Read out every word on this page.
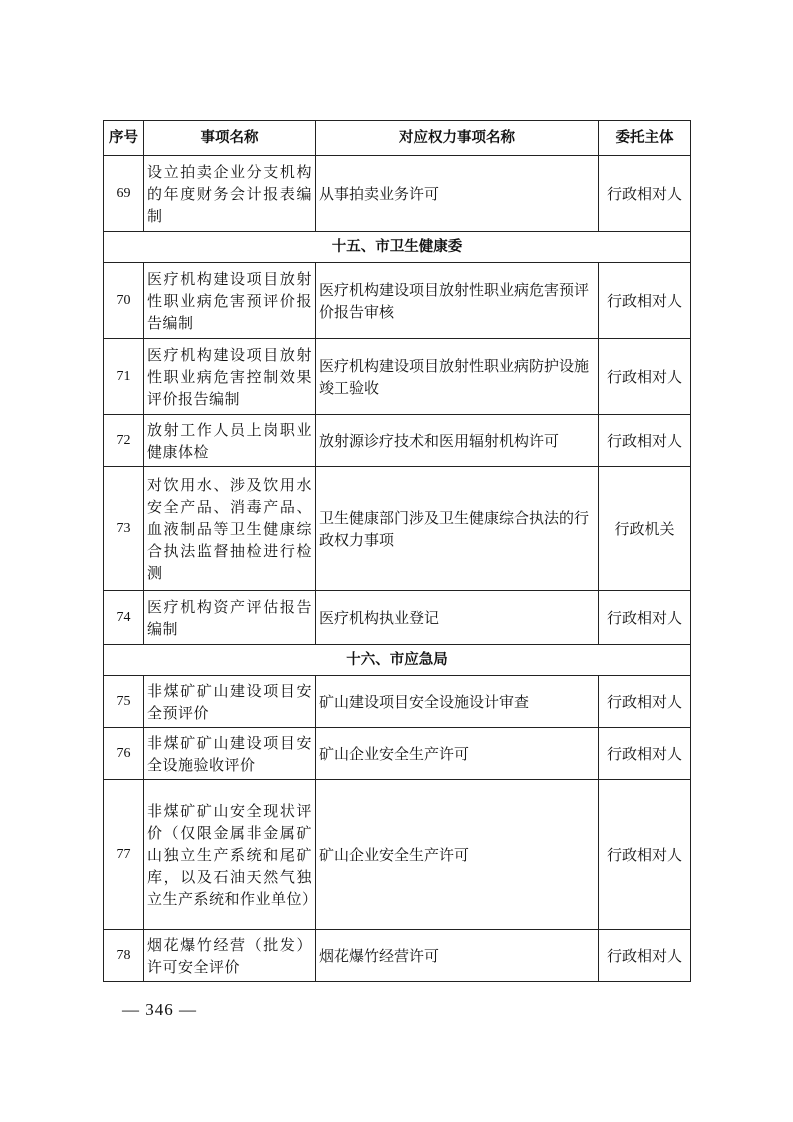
序号	事项名称	对应权力事项名称	委托主体
69	设立拍卖企业分支机构的年度财务会计报表编制	从事拍卖业务许可	行政相对人
十五、市卫生健康委			
70	医疗机构建设项目放射性职业病危害预评价报告编制	医疗机构建设项目放射性职业病危害预评价报告审核	行政相对人
71	医疗机构建设项目放射性职业病危害控制效果评价报告编制	医疗机构建设项目放射性职业病防护设施竣工验收	行政相对人
72	放射工作人员上岗职业健康体检	放射源诊疗技术和医用辐射机构许可	行政相对人
73	对饮用水、涉及饮用水安全产品、消毒产品、血液制品等卫生健康综合执法监督抽检进行检测	卫生健康部门涉及卫生健康综合执法的行政权力事项	行政机关
74	医疗机构资产评估报告编制	医疗机构执业登记	行政相对人
十六、市应急局			
75	非煤矿矿山建设项目安全预评价	矿山建设项目安全设施设计审查	行政相对人
76	非煤矿矿山建设项目安全设施验收评价	矿山企业安全生产许可	行政相对人
77	非煤矿矿山安全现状评价（仅限金属非金属矿山独立生产系统和尾矿库，以及石油天然气独立生产系统和作业单位）	矿山企业安全生产许可	行政相对人
78	烟花爆竹经营（批发）许可安全评价	烟花爆竹经营许可	行政相对人
— 346 —
